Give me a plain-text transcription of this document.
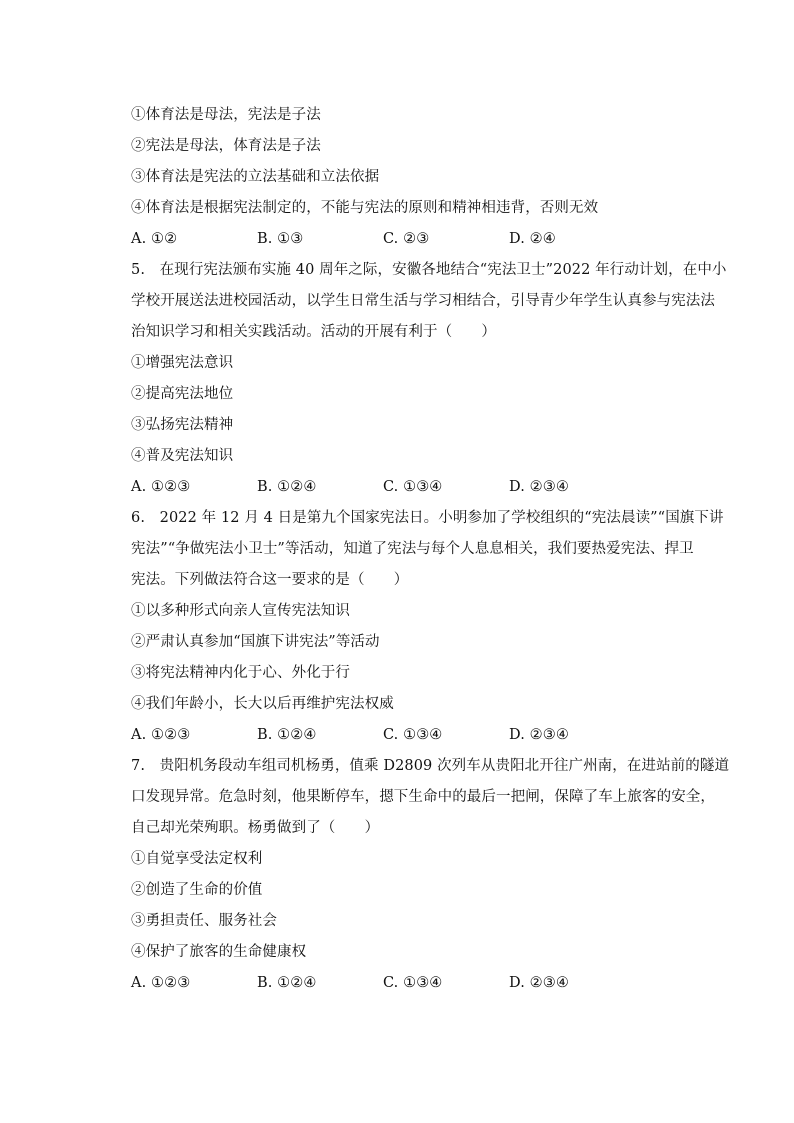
①体育法是母法，宪法是子法
②宪法是母法，体育法是子法
③体育法是宪法的立法基础和立法依据
④体育法是根据宪法制定的，不能与宪法的原则和精神相违背，否则无效
A. ①②	B. ①③	C. ②③	D. ②④
5.　在现行宪法颁布实施 40 周年之际，安徽各地结合“宪法卫士”2022 年行动计划，在中小
学校开展送法进校园活动，以学生日常生活与学习相结合，引导青少年学生认真参与宪法法
治知识学习和相关实践活动。活动的开展有利于（　　）
①增强宪法意识
②提高宪法地位
③弘扬宪法精神
④普及宪法知识
A. ①②③	B. ①②④	C. ①③④	D. ②③④
6.　2022 年 12 月 4 日是第九个国家宪法日。小明参加了学校组织的“宪法晨读”“国旗下讲
宪法”“争做宪法小卫士”等活动，知道了宪法与每个人息息相关，我们要热爱宪法、捍卫
宪法。下列做法符合这一要求的是（　　）
①以多种形式向亲人宣传宪法知识
②严肃认真参加“国旗下讲宪法”等活动
③将宪法精神内化于心、外化于行
④我们年龄小，长大以后再维护宪法权威
A. ①②③	B. ①②④	C. ①③④	D. ②③④
7.　贵阳机务段动车组司机杨勇，值乘 D2809 次列车从贵阳北开往广州南，在进站前的隧道
口发现异常。危急时刻，他果断停车，摁下生命中的最后一把闸，保障了车上旅客的安全，
自己却光荣殉职。杨勇做到了（　　）
①自觉享受法定权利
②创造了生命的价值
③勇担责任、服务社会
④保护了旅客的生命健康权
A. ①②③	B. ①②④	C. ①③④	D. ②③④
